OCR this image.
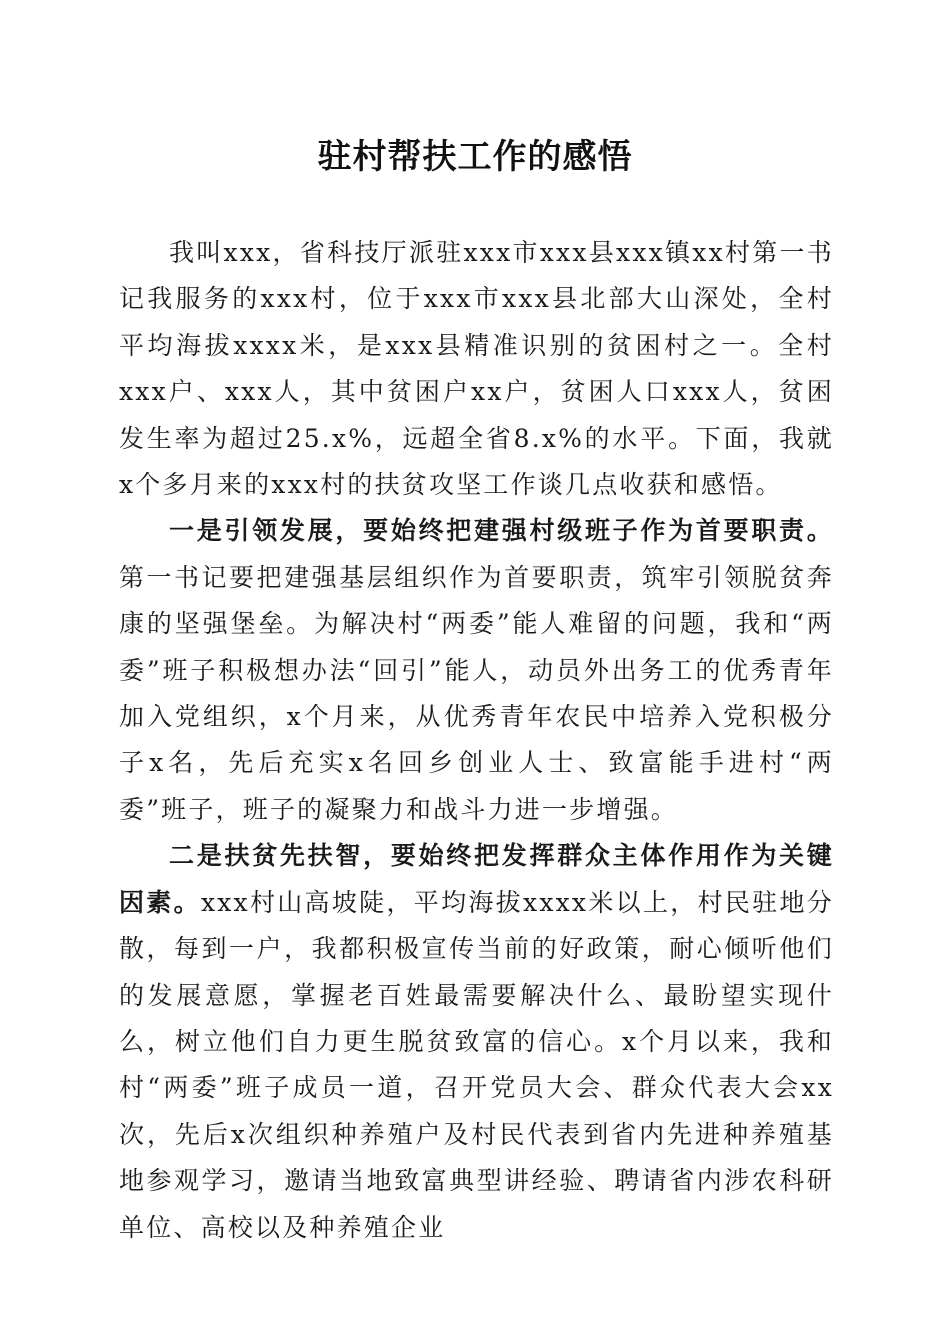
驻村帮扶工作的感悟

我叫xxx，省科技厅派驻xxx市xxx县xxx镇xx村第一书记我服务的xxx村，位于xxx市xxx县北部大山深处，全村平均海拔xxxx米，是xxx县精准识别的贫困村之一。全村xxx户、xxx人，其中贫困户xx户，贫困人口xxx人，贫困发生率为超过25.x%，远超全省8.x%的水平。下面，我就x个多月来的xxx村的扶贫攻坚工作谈几点收获和感悟。

一是引领发展，要始终把建强村级班子作为首要职责。第一书记要把建强基层组织作为首要职责，筑牢引领脱贫奔康的坚强堡垒。为解决村“两委”能人难留的问题，我和“两委”班子积极想办法“回引”能人，动员外出务工的优秀青年加入党组织，x个月来，从优秀青年农民中培养入党积极分子x名，先后充实x名回乡创业人士、致富能手进村“两委”班子，班子的凝聚力和战斗力进一步增强。

二是扶贫先扶智，要始终把发挥群众主体作用作为关键因素。xxx村山高坡陡，平均海拔xxxx米以上，村民驻地分散，每到一户，我都积极宣传当前的好政策，耐心倾听他们的发展意愿，掌握老百姓最需要解决什么、最盼望实现什么，树立他们自力更生脱贫致富的信心。x个月以来，我和村“两委”班子成员一道，召开党员大会、群众代表大会xx次，先后x次组织种养殖户及村民代表到省内先进种养殖基地参观学习，邀请当地致富典型讲经验、聘请省内涉农科研单位、高校以及种养殖企业
